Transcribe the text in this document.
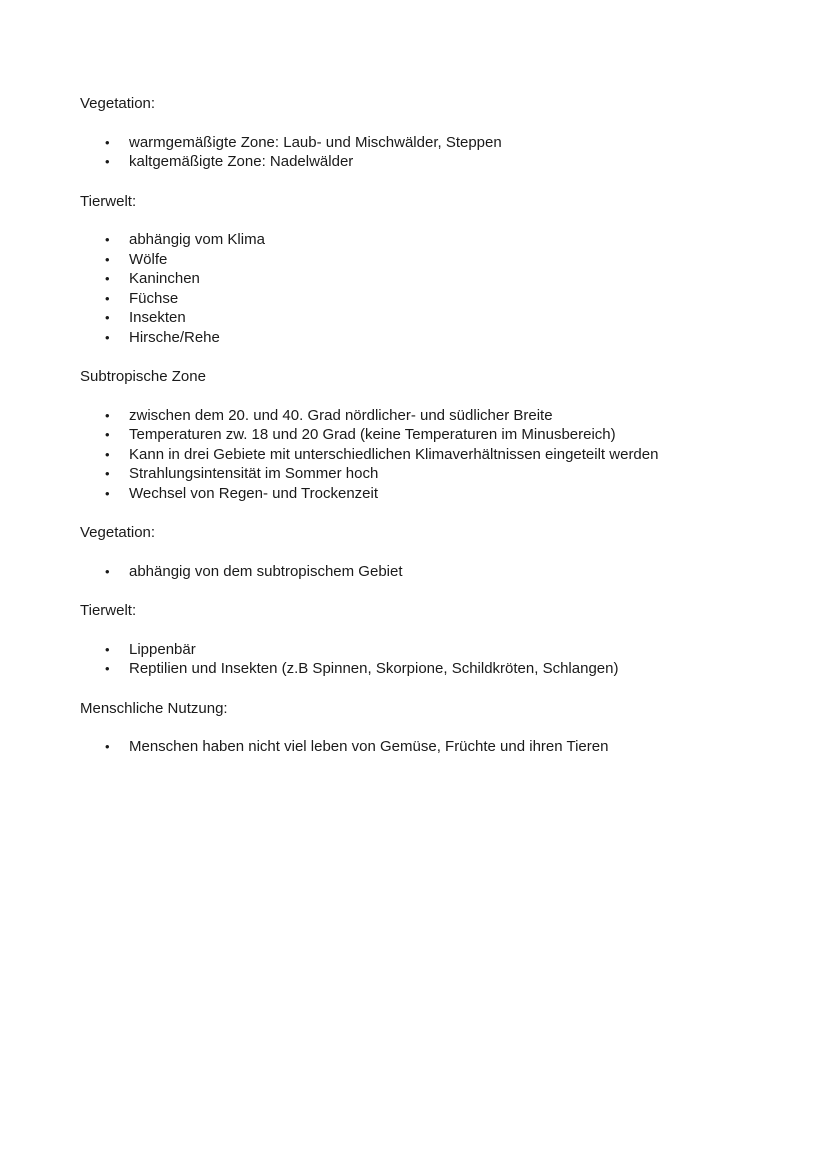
Vegetation:
• warmgemäßigte Zone: Laub- und Mischwälder, Steppen
• kaltgemäßigte Zone: Nadelwälder
Tierwelt:
• abhängig vom Klima
• Wölfe
• Kaninchen
• Füchse
• Insekten
• Hirsche/Rehe
Subtropische Zone
• zwischen dem 20. und 40. Grad nördlicher- und südlicher Breite
• Temperaturen zw. 18 und 20 Grad (keine Temperaturen im Minusbereich)
• Kann in drei Gebiete mit unterschiedlichen Klimaverhältnissen eingeteilt werden
• Strahlungsintensität im Sommer hoch
• Wechsel von Regen- und Trockenzeit
Vegetation:
• abhängig von dem subtropischem Gebiet
Tierwelt:
• Lippenbär
• Reptilien und Insekten (z.B Spinnen, Skorpione, Schildkröten, Schlangen)
Menschliche Nutzung:
• Menschen haben nicht viel leben von Gemüse, Früchte und ihren Tieren
